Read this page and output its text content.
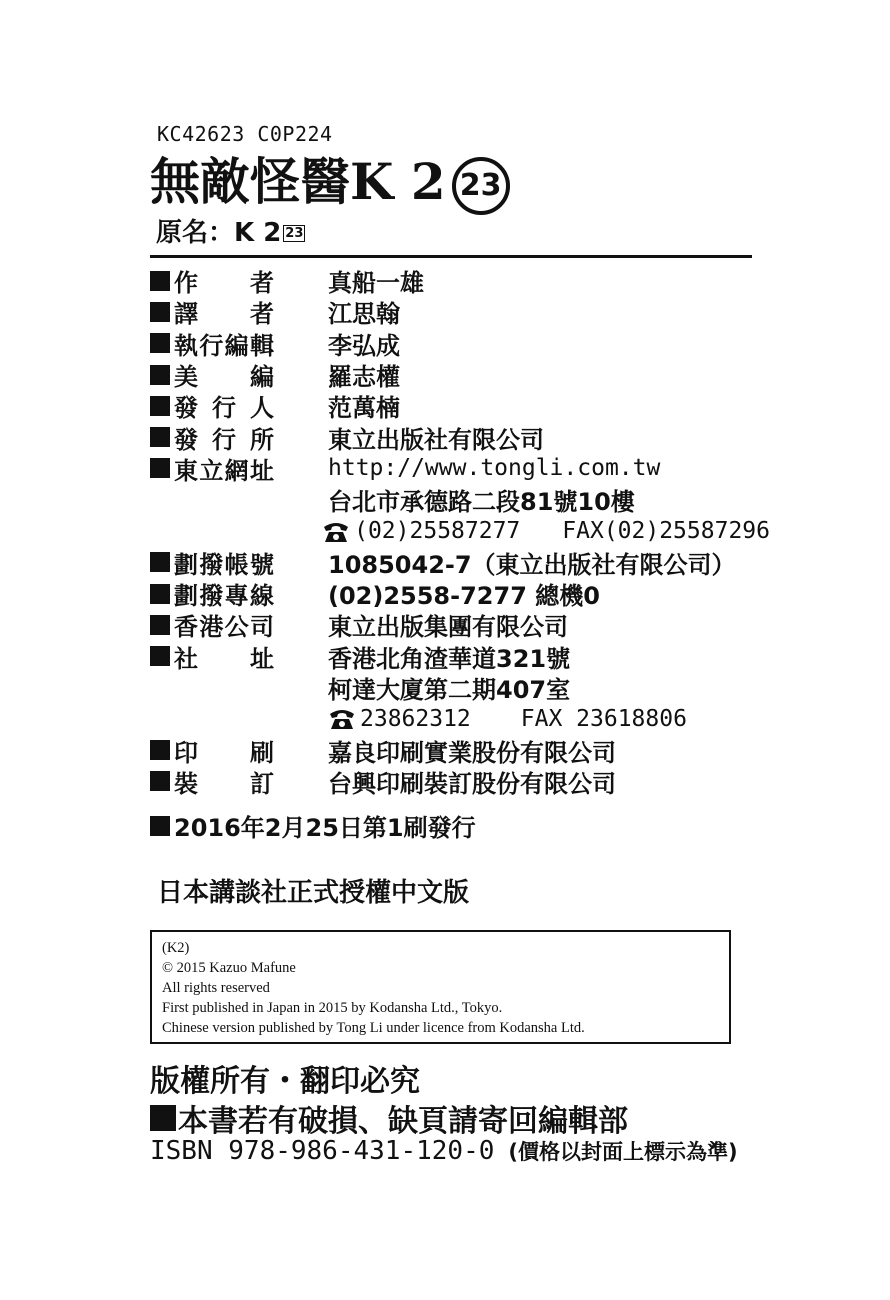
KC42623 C0P224
無敵怪醫K 2 23
原名：K 2 23
作　　者 真船一雄
譯　　者 江思翰
執行編輯 李弘成
美　　編 羅志權
發 行 人 范萬楠
發 行 所 東立出版社有限公司
東立網址 http://www.tongli.com.tw
台北市承德路二段81號10樓
(02)25587277 FAX(02)25587296
劃撥帳號 1085042-7（東立出版社有限公司）
劃撥專線 (02)2558-7277 總機0
香港公司 東立出版集團有限公司
社　　址 香港北角渣華道321號
柯達大廈第二期407室
23862312 FAX 23618806
印　　刷 嘉良印刷實業股份有限公司
裝　　訂 台興印刷裝訂股份有限公司
2016年2月25日第1刷發行
日本講談社正式授權中文版
(K2)
© 2015 Kazuo Mafune
All rights reserved
First published in Japan in 2015 by Kodansha Ltd., Tokyo.
Chinese version published by Tong Li under licence from Kodansha Ltd.
版權所有・翻印必究
本書若有破損、缺頁請寄回編輯部
ISBN 978-986-431-120-0 (價格以封面上標示為準)
